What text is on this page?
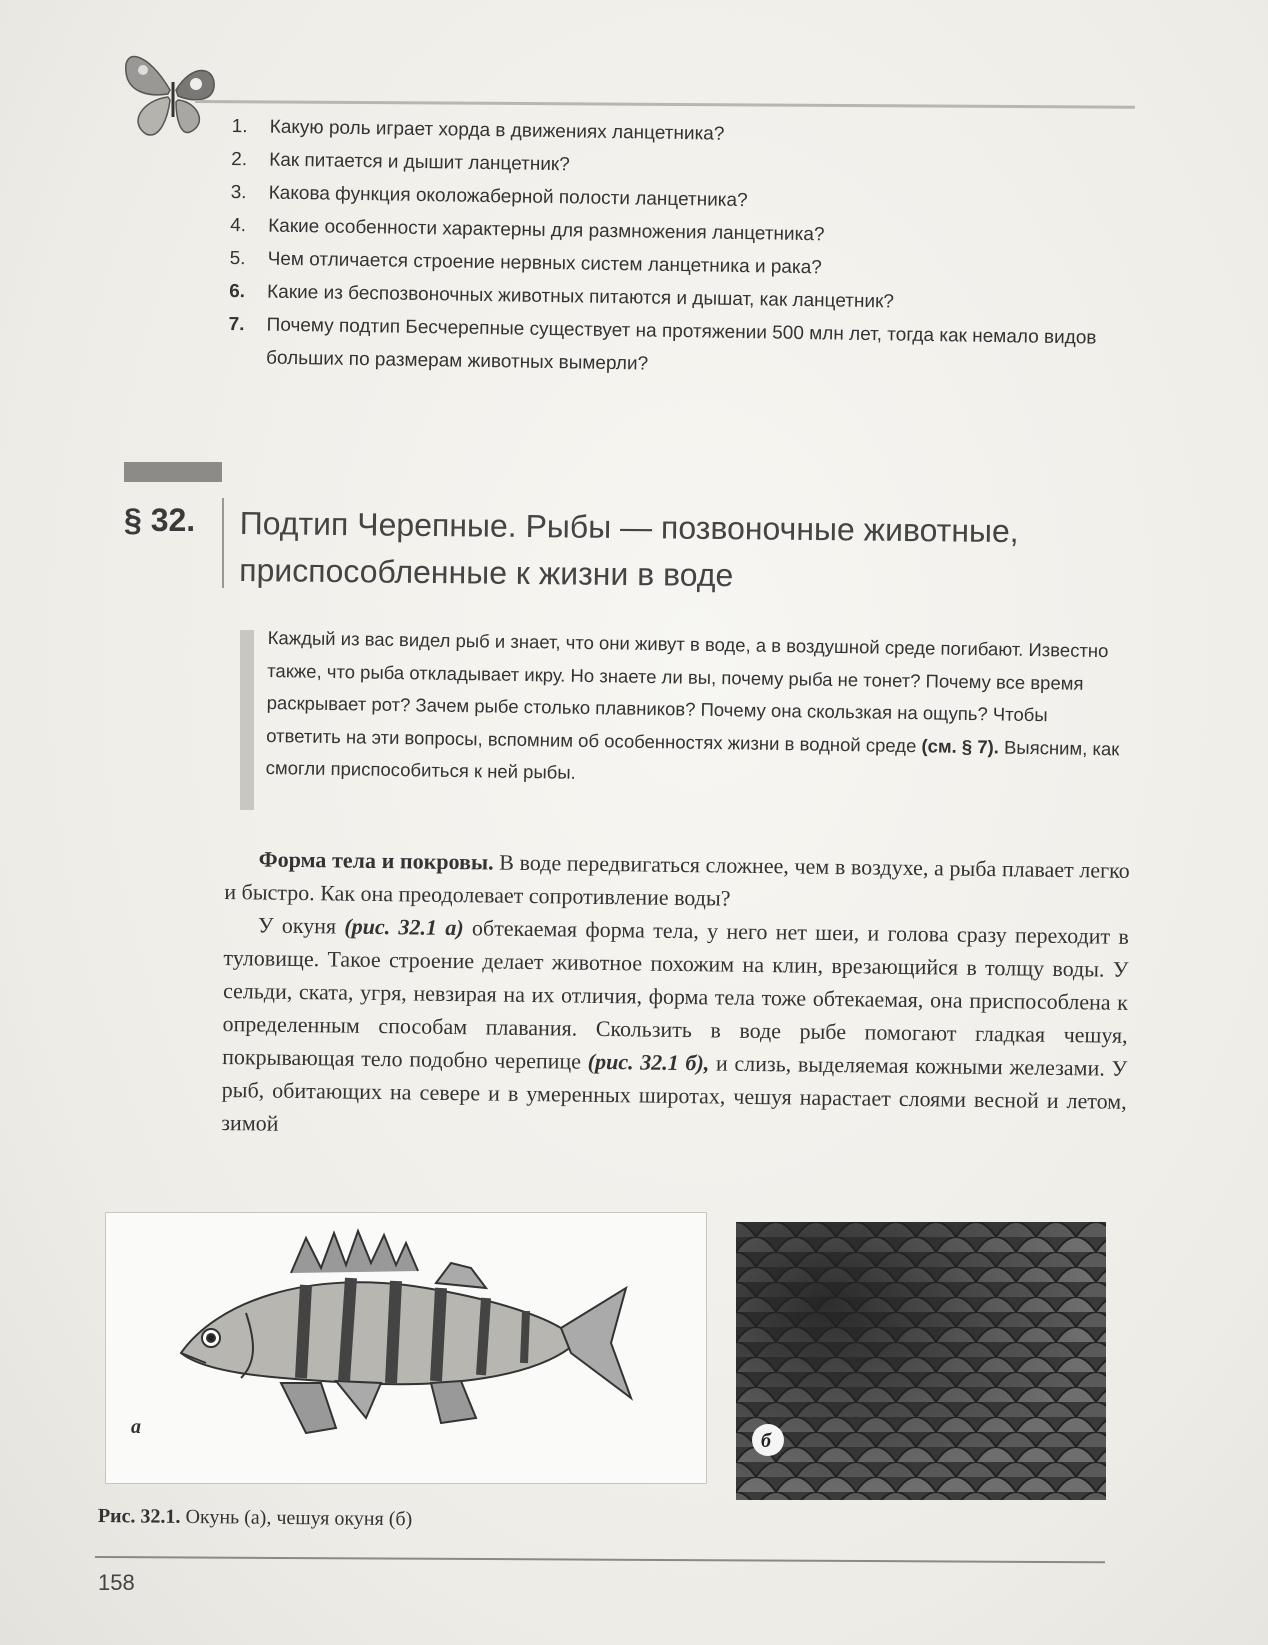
1.	Какую роль играет хорда в движениях ланцетника?
2.	Как питается и дышит ланцетник?
3.	Какова функция околожаберной полости ланцетника?
4.	Какие особенности характерны для размножения ланцетника?
5.	Чем отличается строение нервных систем ланцетника и рака?
6.	Какие из беспозвоночных животных питаются и дышат, как ланцетник?
7.	Почему подтип Бесчерепные существует на протяжении 500 млн лет, тогда как немало видов больших по размерам животных вымерли?
§ 32. Подтип Черепные. Рыбы — позвоночные животные, приспособленные к жизни в воде

Каждый из вас видел рыб и знает, что они живут в воде, а в воздушной среде погибают. Известно также, что рыба откладывает икру. Но знаете ли вы, почему рыба не тонет? Почему все время раскрывает рот? Зачем рыбе столько плавников? Почему она скользкая на ощупь? Чтобы ответить на эти вопросы, вспомним об особенностях жизни в водной среде (см. § 7). Выясним, как смогли приспособиться к ней рыбы.

Форма тела и покровы. В воде передвигаться сложнее, чем в воздухе, а рыба плавает легко и быстро. Как она преодолевает сопротивление воды?

У окуня (рис. 32.1 а) обтекаемая форма тела, у него нет шеи, и голова сразу переходит в туловище. Такое строение делает животное похожим на клин, врезающийся в толщу воды. У сельди, ската, угря, невзирая на их отличия, форма тела тоже обтекаемая, она приспособлена к определенным способам плавания. Скользить в воде рыбе помогают гладкая чешуя, покрывающая тело подобно черепице (рис. 32.1 б), и слизь, выделяемая кожными железами. У рыб, обитающих на севере и в умеренных широтах, чешуя нарастает слоями весной и летом, зимой

а
б
Рис. 32.1. Окунь (а), чешуя окуня (б)
158
